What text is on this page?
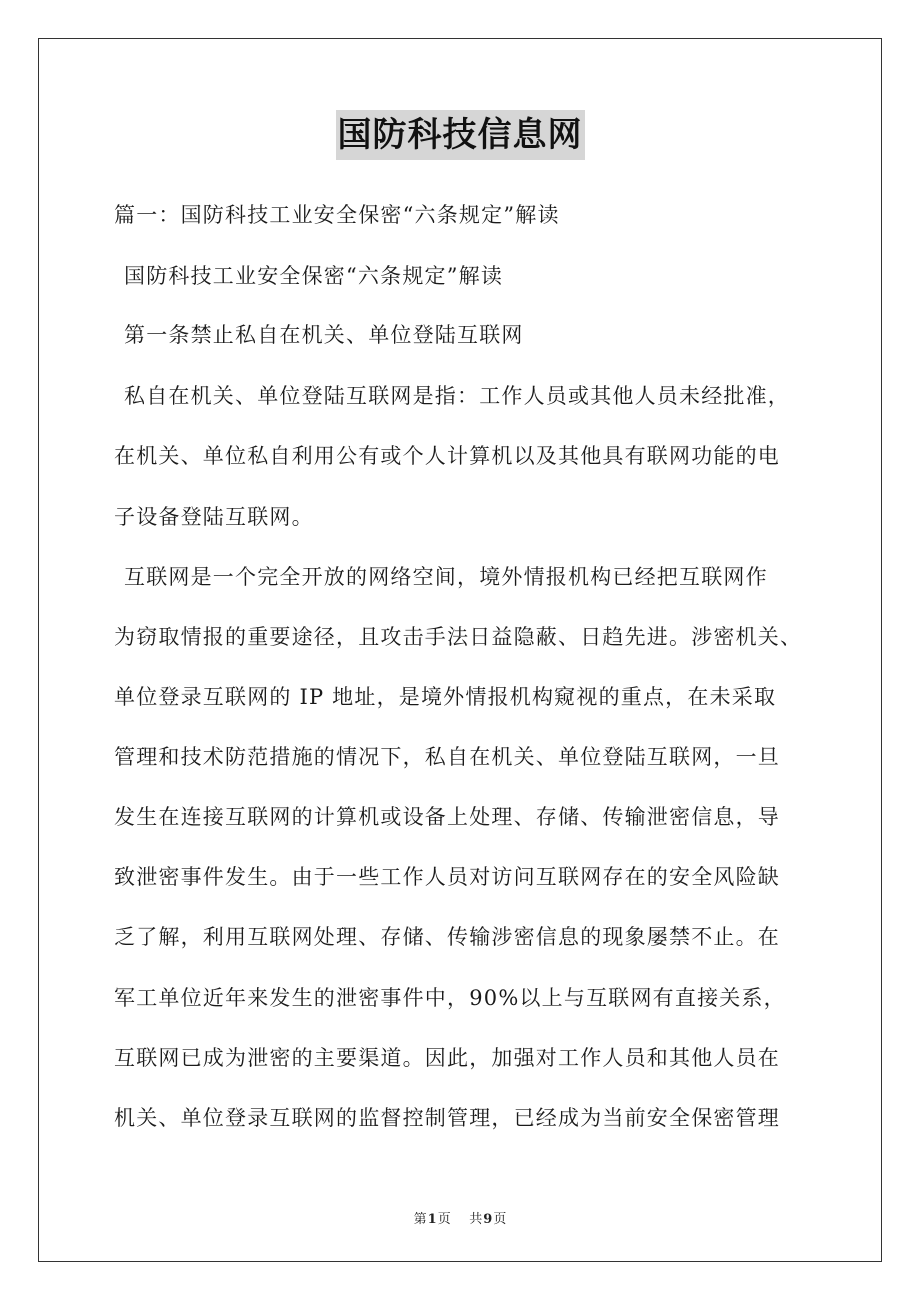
国防科技信息网
篇一：国防科技工业安全保密“六条规定”解读
国防科技工业安全保密“六条规定”解读
第一条禁止私自在机关、单位登陆互联网
私自在机关、单位登陆互联网是指：工作人员或其他人员未经批准，
在机关、单位私自利用公有或个人计算机以及其他具有联网功能的电
子设备登陆互联网。
互联网是一个完全开放的网络空间，境外情报机构已经把互联网作
为窃取情报的重要途径，且攻击手法日益隐蔽、日趋先进。涉密机关、
单位登录互联网的 IP 地址，是境外情报机构窥视的重点，在未采取
管理和技术防范措施的情况下，私自在机关、单位登陆互联网，一旦
发生在连接互联网的计算机或设备上处理、存储、传输泄密信息，导
致泄密事件发生。由于一些工作人员对访问互联网存在的安全风险缺
乏了解，利用互联网处理、存储、传输涉密信息的现象屡禁不止。在
军工单位近年来发生的泄密事件中，90%以上与互联网有直接关系，
互联网已成为泄密的主要渠道。因此，加强对工作人员和其他人员在
机关、单位登录互联网的监督控制管理，已经成为当前安全保密管理
第1页 共9页
